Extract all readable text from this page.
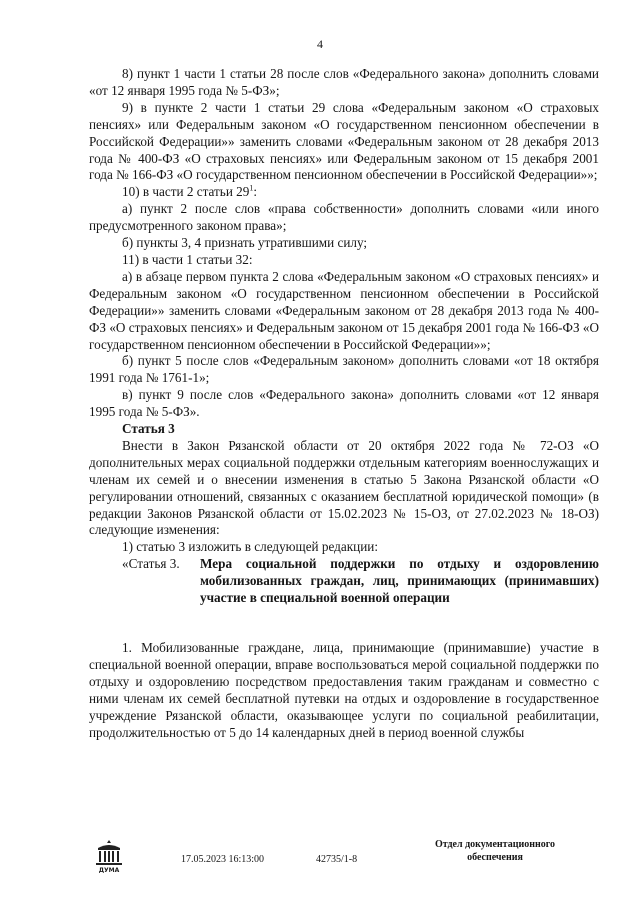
4

8) пункт 1 части 1 статьи 28 после слов «Федерального закона» дополнить словами «от 12 января 1995 года № 5-ФЗ»;

9) в пункте 2 части 1 статьи 29 слова «Федеральным законом «О страховых пенсиях» или Федеральным законом «О государственном пенсионном обеспечении в Российской Федерации»» заменить словами «Федеральным законом от 28 декабря 2013 года № 400-ФЗ «О страховых пенсиях» или Федеральным законом от 15 декабря 2001 года № 166-ФЗ «О государственном пенсионном обеспечении в Российской Федерации»»;

10) в части 2 статьи $29^1$:

а) пункт 2 после слов «права собственности» дополнить словами «или иного предусмотренного законом права»;

б) пункты 3, 4 признать утратившими силу;

11) в части 1 статьи 32:

а) в абзаце первом пункта 2 слова «Федеральным законом «О страховых пенсиях» и Федеральным законом «О государственном пенсионном обеспечении в Российской Федерации»» заменить словами «Федеральным законом от 28 декабря 2013 года № 400-ФЗ «О страховых пенсиях» и Федеральным законом от 15 декабря 2001 года № 166-ФЗ «О государственном пенсионном обеспечении в Российской Федерации»»;

б) пункт 5 после слов «Федеральным законом» дополнить словами «от 18 октября 1991 года № 1761-1»;

в) пункт 9 после слов «Федерального закона» дополнить словами «от 12 января 1995 года № 5-ФЗ».

Статья 3

Внести в Закон Рязанской области от 20 октября 2022 года № 72-ОЗ «О дополнительных мерах социальной поддержки отдельным категориям военнослужащих и членам их семей и о внесении изменения в статью 5 Закона Рязанской области «О регулировании отношений, связанных с оказанием бесплатной юридической помощи» (в редакции Законов Рязанской области от 15.02.2023 № 15-ОЗ, от 27.02.2023 № 18-ОЗ) следующие изменения:

1) статью 3 изложить в следующей редакции:

«Статья 3.	Мера социальной поддержки по отдыху и оздоровлению мобилизованных граждан, лиц, принимающих (принимавших) участие в специальной военной операции

1. Мобилизованные граждане, лица, принимающие (принимавшие) участие в специальной военной операции, вправе воспользоваться мерой социальной поддержки по отдыху и оздоровлению посредством предоставления таким гражданам и совместно с ними членам их семей бесплатной путевки на отдых и оздоровление в государственное учреждение Рязанской области, оказывающее услуги по социальной реабилитации, продолжительностью от 5 до 14 календарных дней в период военной службы

ДУМА
17.05.2023 16:13:00	42735/1-8
Отдел документационного
обеспечения
